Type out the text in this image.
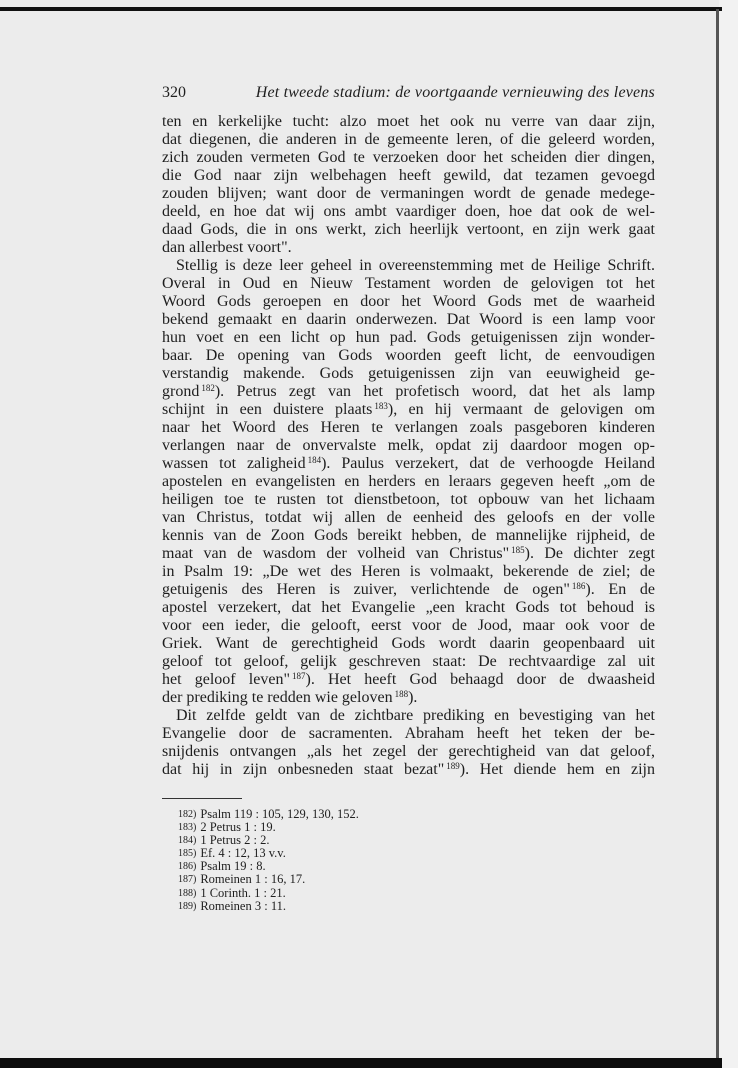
320	Het tweede stadium: de voortgaande vernieuwing des levens
ten en kerkelijke tucht: alzo moet het ook nu verre van daar zijn,
dat diegenen, die anderen in de gemeente leren, of die geleerd worden,
zich zouden vermeten God te verzoeken door het scheiden dier dingen,
die God naar zijn welbehagen heeft gewild, dat tezamen gevoegd
zouden blijven; want door de vermaningen wordt de genade medege-
deeld, en hoe dat wij ons ambt vaardiger doen, hoe dat ook de wel-
daad Gods, die in ons werkt, zich heerlijk vertoont, en zijn werk gaat
dan allerbest voort".
Stellig is deze leer geheel in overeenstemming met de Heilige Schrift.
Overal in Oud en Nieuw Testament worden de gelovigen tot het
Woord Gods geroepen en door het Woord Gods met de waarheid
bekend gemaakt en daarin onderwezen. Dat Woord is een lamp voor
hun voet en een licht op hun pad. Gods getuigenissen zijn wonder-
baar. De opening van Gods woorden geeft licht, de eenvoudigen
verstandig makende. Gods getuigenissen zijn van eeuwigheid ge-
grond $^{182}$). Petrus zegt van het profetisch woord, dat het als lamp
schijnt in een duistere plaats $^{183}$), en hij vermaant de gelovigen om
naar het Woord des Heren te verlangen zoals pasgeboren kinderen
verlangen naar de onvervalste melk, opdat zij daardoor mogen op-
wassen tot zaligheid $^{184}$). Paulus verzekert, dat de verhoogde Heiland
apostelen en evangelisten en herders en leraars gegeven heeft „om de
heiligen toe te rusten tot dienstbetoon, tot opbouw van het lichaam
van Christus, totdat wij allen de eenheid des geloofs en der volle
kennis van de Zoon Gods bereikt hebben, de mannelijke rijpheid, de
maat van de wasdom der volheid van Christus" $^{185}$). De dichter zegt
in Psalm 19: „De wet des Heren is volmaakt, bekerende de ziel; de
getuigenis des Heren is zuiver, verlichtende de ogen" $^{186}$). En de
apostel verzekert, dat het Evangelie „een kracht Gods tot behoud is
voor een ieder, die gelooft, eerst voor de Jood, maar ook voor de
Griek. Want de gerechtigheid Gods wordt daarin geopenbaard uit
geloof tot geloof, gelijk geschreven staat: De rechtvaardige zal uit
het geloof leven" $^{187}$). Het heeft God behaagd door de dwaasheid
der prediking te redden wie geloven $^{188}$).
Dit zelfde geldt van de zichtbare prediking en bevestiging van het
Evangelie door de sacramenten. Abraham heeft het teken der be-
snijdenis ontvangen „als het zegel der gerechtigheid van dat geloof,
dat hij in zijn onbesneden staat bezat" $^{189}$). Het diende hem en zijn
182) Psalm 119 : 105, 129, 130, 152.
183) 2 Petrus 1 : 19.
184) 1 Petrus 2 : 2.
185) Ef. 4 : 12, 13 v.v.
186) Psalm 19 : 8.
187) Romeinen 1 : 16, 17.
188) 1 Corinth. 1 : 21.
189) Romeinen 3 : 11.
